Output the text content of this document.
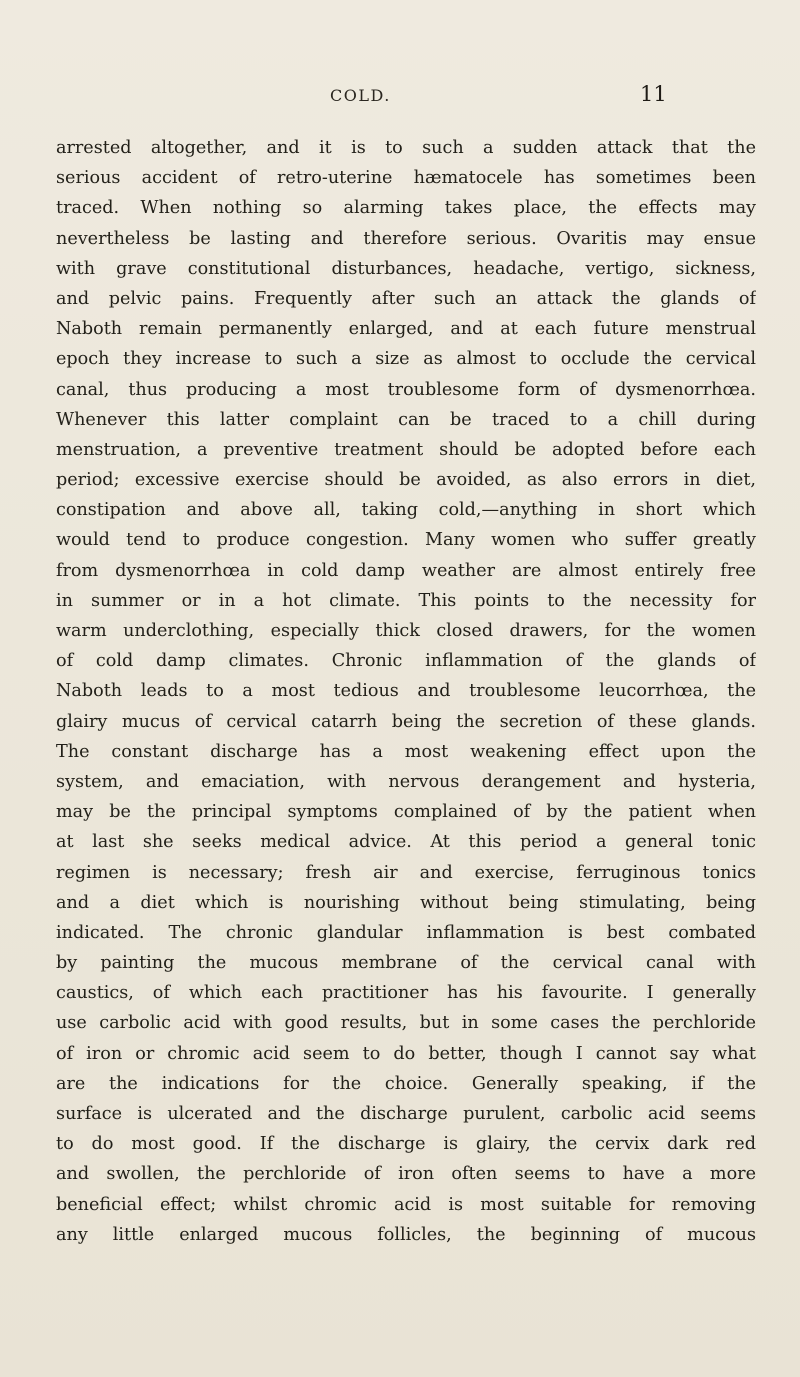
COLD.	11
arrested altogether, and it is to such a sudden attack that the
serious accident of retro-uterine hæmatocele has sometimes been
traced. When nothing so alarming takes place, the effects may
nevertheless be lasting and therefore serious. Ovaritis may ensue
with grave constitutional disturbances, headache, vertigo, sickness,
and pelvic pains. Frequently after such an attack the glands of
Naboth remain permanently enlarged, and at each future menstrual
epoch they increase to such a size as almost to occlude the cervical
canal, thus producing a most troublesome form of dysmenorrhœa.
Whenever this latter complaint can be traced to a chill during
menstruation, a preventive treatment should be adopted before each
period; excessive exercise should be avoided, as also errors in diet,
constipation and above all, taking cold,—anything in short which
would tend to produce congestion. Many women who suffer greatly
from dysmenorrhœa in cold damp weather are almost entirely free
in summer or in a hot climate. This points to the necessity for
warm underclothing, especially thick closed drawers, for the women
of cold damp climates. Chronic inflammation of the glands of
Naboth leads to a most tedious and troublesome leucorrhœa, the
glairy mucus of cervical catarrh being the secretion of these glands.
The constant discharge has a most weakening effect upon the
system, and emaciation, with nervous derangement and hysteria,
may be the principal symptoms complained of by the patient when
at last she seeks medical advice. At this period a general tonic
regimen is necessary; fresh air and exercise, ferruginous tonics
and a diet which is nourishing without being stimulating, being
indicated. The chronic glandular inflammation is best combated
by painting the mucous membrane of the cervical canal with
caustics, of which each practitioner has his favourite. I generally
use carbolic acid with good results, but in some cases the perchloride
of iron or chromic acid seem to do better, though I cannot say what
are the indications for the choice. Generally speaking, if the
surface is ulcerated and the discharge purulent, carbolic acid seems
to do most good. If the discharge is glairy, the cervix dark red
and swollen, the perchloride of iron often seems to have a more
beneficial effect; whilst chromic acid is most suitable for removing
any little enlarged mucous follicles, the beginning of mucous
